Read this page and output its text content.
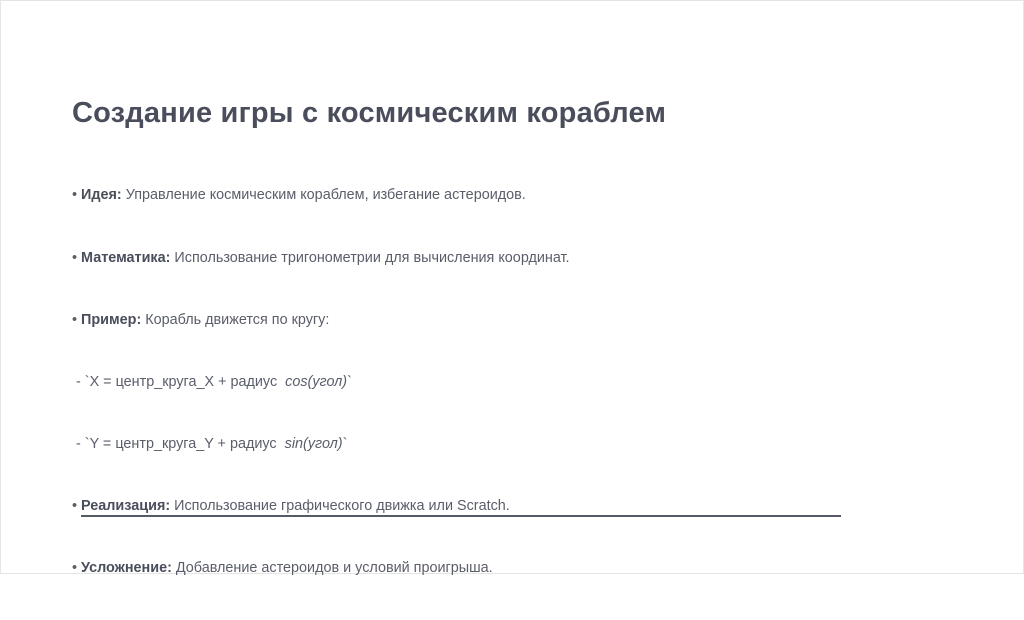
Создание игры с космическим кораблем

• Идея: Управление космическим кораблем, избегание астероидов.

• Математика: Использование тригонометрии для вычисления координат.

• Пример: Корабль движется по кругу:

- `X = центр_круга_X + радиус  cos(угол)`

- `Y = центр_круга_Y + радиус  sin(угол)`

• Реализация: Использование графического движка или Scratch.

• Усложнение: Добавление астероидов и условий проигрыша.
